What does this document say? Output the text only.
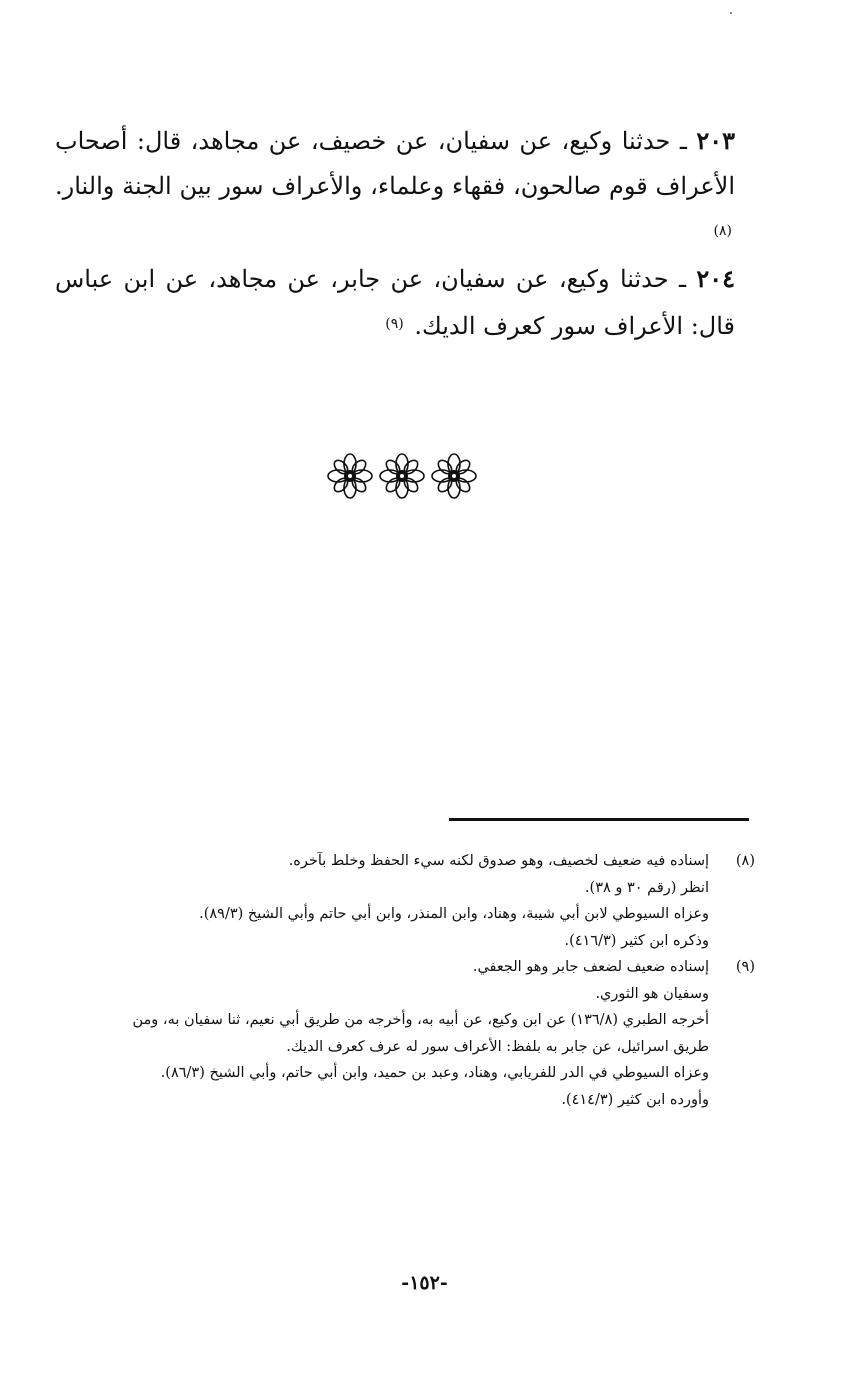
٢٠٣ ـ حدثنا وكيع، عن سفيان، عن خصيف، عن مجاهد، قال: أصحاب الأعراف قوم صالحون، فقهاء وعلماء، والأعراف سور بين الجنة والنار. $^{(٨)}$

٢٠٤ ـ حدثنا وكيع، عن سفيان، عن جابر، عن مجاهد، عن ابن عباس قال: الأعراف سور كعرف الديك. $^{(٩)}$

(٨)
إسناده فيه ضعيف لخصيف، وهو صدوق لكنه سيء الحفظ وخلط بآخره.
انظر (رقم ٣٠ و ٣٨).
وعزاه السيوطي لابن أبي شيبة، وهناد، وابن المنذر، وابن أبي حاتم وأبي الشيخ (٨٩/٣).
وذكره ابن كثير (٤١٦/٣).
(٩)
إسناده ضعيف لضعف جابر وهو الجعفي.
وسفيان هو الثوري.
أخرجه الطبري (١٣٦/٨) عن ابن وكيع، عن أبيه به، وأخرجه من طريق أبي نعيم، ثنا سفيان به، ومن
طريق اسرائيل، عن جابر به بلفظ: الأعراف سور له عرف كعرف الديك.
وعزاه السيوطي في الدر للفريابي، وهناد، وعبد بن حميد، وابن أبي حاتم، وأبي الشيخ (٨٦/٣).
وأورده ابن كثير (٤١٤/٣).
-١٥٢-
